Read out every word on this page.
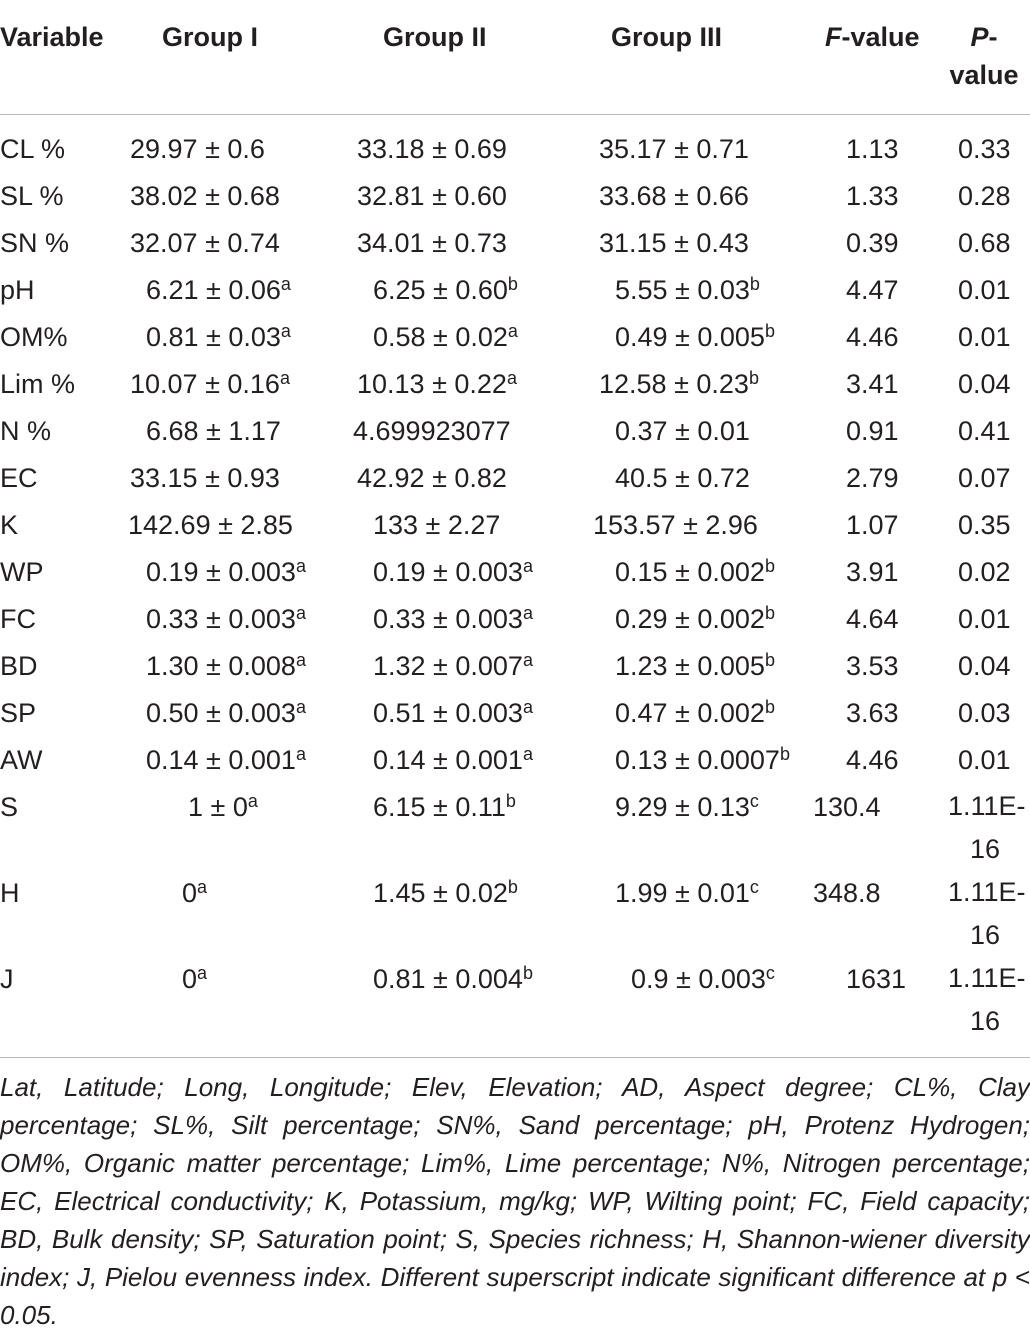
Variable	Group I	Group II	Group III	F-value	P-
value
CL %	29.97 ± 0.6	33.18 ± 0.69	35.17 ± 0.71	1.13	0.33
SL %	38.02 ± 0.68	32.81 ± 0.60	33.68 ± 0.66	1.33	0.28
SN %	32.07 ± 0.74	34.01 ± 0.73	31.15 ± 0.43	0.39	0.68
pH	6.21 ± 0.06$^a$	6.25 ± 0.60$^b$	5.55 ± 0.03$^b$	4.47	0.01
OM%	0.81 ± 0.03$^a$	0.58 ± 0.02$^a$	0.49 ± 0.005$^b$	4.46	0.01
Lim %	10.07 ± 0.16$^a$	10.13 ± 0.22$^a$	12.58 ± 0.23$^b$	3.41	0.04
N %	6.68 ± 1.17	4.699923077	0.37 ± 0.01	0.91	0.41
EC	33.15 ± 0.93	42.92 ± 0.82	40.5 ± 0.72	2.79	0.07
K	142.69 ± 2.85	133 ± 2.27	153.57 ± 2.96	1.07	0.35
WP	0.19 ± 0.003$^a$	0.19 ± 0.003$^a$	0.15 ± 0.002$^b$	3.91	0.02
FC	0.33 ± 0.003$^a$	0.33 ± 0.003$^a$	0.29 ± 0.002$^b$	4.64	0.01
BD	1.30 ± 0.008$^a$	1.32 ± 0.007$^a$	1.23 ± 0.005$^b$	3.53	0.04
SP	0.50 ± 0.003$^a$	0.51 ± 0.003$^a$	0.47 ± 0.002$^b$	3.63	0.03
AW	0.14 ± 0.001$^a$	0.14 ± 0.001$^a$	0.13 ± 0.0007$^b$	4.46	0.01
S	$1 \pm 0^a$	6.15 ± 0.11$^b$	9.29 ± 0.13$^c$	130.4	1.11E-
16
H	0$^a$	1.45 ± 0.02$^b$	1.99 ± 0.01$^c$	348.8	1.11E-
16
J	0$^a$	0.81 ± 0.004$^b$	0.9 ± 0.003$^c$	1631	1.11E-
16
Lat, Latitude; Long, Longitude; Elev, Elevation; AD, Aspect degree; CL%, Clay percentage; SL%, Silt percentage; SN%, Sand percentage; pH, Protenz Hydrogen; OM%, Organic matter percentage; Lim%, Lime percentage; N%, Nitrogen percentage; EC, Electrical conductivity; K, Potassium, mg/kg; WP, Wilting point; FC, Field capacity; BD, Bulk density; SP, Saturation point; S, Species richness; H, Shannon-wiener diversity index; J, Pielou evenness index. Different superscript indicate significant difference at p < 0.05.
